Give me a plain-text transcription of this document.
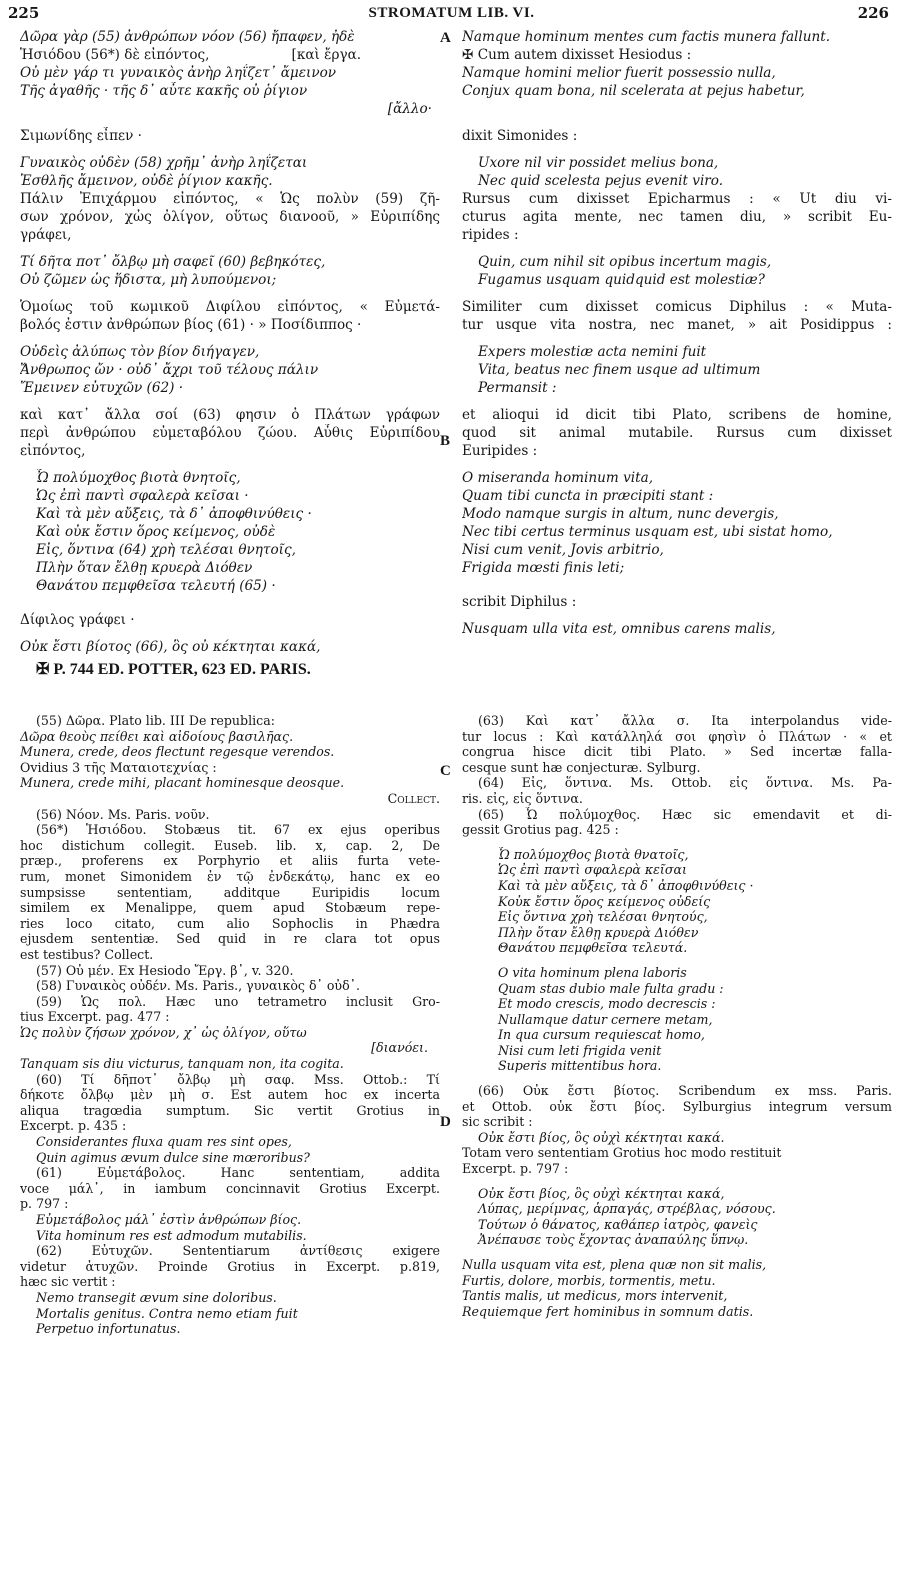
225	STROMATUM LIB. VI.	226
A
B
C
D
Δῶρα γὰρ (55) ἀνθρώπων νόον (56) ἤπαφεν, ἠδὲ
Ἡσιόδου (56*) δὲ εἰπόντος,                   [καὶ ἔργα.
Οὐ μὲν γάρ τι γυναικὸς ἀνὴρ ληΐζετ᾽ ἄμεινον
Τῆς ἀγαθῆς · τῆς δ᾽ αὖτε κακῆς οὐ ῥίγιον
[ἄλλο·
Σιμωνίδης εἶπεν ·
Γυναικὸς οὐδὲν (58) χρῆμ᾽ ἀνὴρ ληΐζεται
Ἐσθλῆς ἄμεινον, οὐδὲ ῥίγιον κακῆς.
Πάλιν Ἐπιχάρμου εἰπόντος, « Ὡς πολὺν (59) ζῆ-
σων χρόνον, χὠς ὀλίγον, οὕτως διανοοῦ, » Εὐριπίδης
γράφει,
Τί δῆτα ποτ᾽ ὄλβῳ μὴ σαφεῖ (60) βεβηκότες,
Οὐ ζῶμεν ὡς ἥδιστα, μὴ λυπούμενοι;
Ὁμοίως τοῦ κωμικοῦ Διφίλου εἰπόντος, « Εὐμετά-
βολός ἐστιν ἀνθρώπων βίος (61) · » Ποσίδιππος ·
Οὐδεὶς ἀλύπως τὸν βίον διήγαγεν,
Ἄνθρωπος ὤν · οὐδ᾽ ἄχρι τοῦ τέλους πάλιν
Ἔμεινεν εὐτυχῶν (62) ·
καὶ κατ᾽ ἄλλα σοί (63) φησιν ὁ Πλάτων γράφων
περὶ ἀνθρώπου εὐμεταβόλου ζώου. Αὖθις Εὐριπίδου
εἰπόντος,
Ὦ πολύμοχθος βιοτὰ θνητοῖς,
Ὡς ἐπὶ παντὶ σφαλερὰ κεῖσαι ·
Καὶ τὰ μὲν αὔξεις, τὰ δ᾽ ἀποφθινύθεις ·
Καὶ οὐκ ἔστιν ὅρος κείμενος, οὐδὲ
Εἰς, ὅντινα (64) χρὴ τελέσαι θνητοῖς,
Πλὴν ὅταν ἔλθῃ κρυερὰ Διόθεν
Θανάτου πεμφθεῖσα τελευτή (65) ·
Δίφιλος γράφει ·
Οὐκ ἔστι βίοτος (66), ὃς οὐ κέκτηται κακά,
✠ P. 744 ED. POTTER, 623 ED. PARIS.
Namque hominum mentes cum factis munera fallunt.
✠ Cum autem dixisset Hesiodus :
Namque homini melior fuerit possessio nulla,
Conjux quam bona, nil scelerata at pejus habetur,
dixit Simonides :
Uxore nil vir possidet melius bona,
Nec quid scelesta pejus evenit viro.
Rursus cum dixisset Epicharmus : « Ut diu vi-
cturus agita mente, nec tamen diu, » scribit Eu-
ripides :
Quin, cum nihil sit opibus incertum magis,
Fugamus usquam quidquid est molestiæ?
Similiter cum dixisset comicus Diphilus : « Muta-
tur usque vita nostra, nec manet, » ait Posidippus :
Expers molestiæ acta nemini fuit
Vita, beatus nec finem usque ad ultimum
Permansit :
et alioqui id dicit tibi Plato, scribens de homine,
quod sit animal mutabile. Rursus cum dixisset
Euripides :
O miseranda hominum vita,
Quam tibi cuncta in præcipiti stant :
Modo namque surgis in altum, nunc devergis,
Nec tibi certus terminus usquam est, ubi sistat homo,
Nisi cum venit, Jovis arbitrio,
Frigida mœsti finis leti;
scribit Diphilus :
Nusquam ulla vita est, omnibus carens malis,
(55) Δῶρα. Plato lib. III De republica:
Δῶρα θεοὺς πείθει καὶ αἰδοίους βασιλῆας.
Munera, crede, deos flectunt regesque verendos.
Ovidius 3 τῆς Ματαιοτεχνίας :
Munera, crede mihi, placant hominesque deosque.
Collect.
(56) Νόον. Ms. Paris. νοῦν.
(56*) Ἡσιόδου. Stobæus tit. 67 ex ejus operibus
hoc distichum collegit. Euseb. lib. x, cap. 2, De
præp., proferens ex Porphyrio et aliis furta vete-
rum, monet Simonidem ἐν τῷ ἐνδεκάτῳ, hanc ex eo
sumpsisse sententiam, additque Euripidis locum
similem ex Menalippe, quem apud Stobæum repe-
ries loco citato, cum alio Sophoclis in Phædra
ejusdem sententiæ. Sed quid in re clara tot opus
est testibus? Collect.
(57) Οὐ μέν. Ex Hesiodo Ἔργ. β᾽, v. 320.
(58) Γυναικὸς οὐδέν. Ms. Paris., γυναικὸς δ᾽ οὐδ᾽.
(59) Ὡς πολ. Hæc uno tetrametro inclusit Gro-
tius Excerpt. pag. 477 :
Ὡς πολὺν ζήσων χρόνον, χ᾽ ὡς ὀλίγον, οὕτω
[διανόει.
Tanquam sis diu victurus, tanquam non, ita cogita.
(60) Τί δῆποτ᾽ ὄλβῳ μὴ σαφ. Mss. Ottob.: Τί
δήκοτε ὄλβῳ μὲν μὴ σ. Est autem hoc ex incerta
aliqua tragœdia sumptum. Sic vertit Grotius in
Excerpt. p. 435 :
Considerantes fluxa quam res sint opes,
Quin agimus ævum dulce sine mœroribus?
(61) Εὐμετάβολος. Hanc sententiam, addita
voce μάλ᾽, in iambum concinnavit Grotius Excerpt.
p. 797 :
Εὐμετάβολος μάλ᾽ ἐστὶν ἀνθρώπων βίος.
Vita hominum res est admodum mutabilis.
(62) Εὐτυχῶν. Sententiarum ἀντίθεσις exigere
videtur ἀτυχῶν. Proinde Grotius in Excerpt. p.819,
hæc sic vertit :
Nemo transegit ævum sine doloribus.
Mortalis genitus. Contra nemo etiam fuit
Perpetuo infortunatus.
(63) Καὶ κατ᾽ ἄλλα σ. Ita interpolandus vide-
tur locus : Καὶ κατάλληλά σοι φησὶν ὁ Πλάτων · « et
congrua hisce dicit tibi Plato. » Sed incertæ falla-
cesque sunt hæ conjecturæ. Sylburg.
(64) Εἰς, ὅντινα. Ms. Ottob. εἰς ὅντινα. Ms. Pa-
ris. εἰς, εἰς ὅντινα.
(65) Ὦ πολύμοχθος. Hæc sic emendavit et di-
gessit Grotius pag. 425 :
Ὦ πολύμοχθος βιοτὰ θνατοῖς,
Ὡς ἐπὶ παντὶ σφαλερὰ κεῖσαι
Καὶ τὰ μὲν αὔξεις, τὰ δ᾽ ἀποφθινύθεις ·
Κοὐκ ἔστιν ὅρος κείμενος οὐδείς
Εἰς ὅντινα χρὴ τελέσαι θνητούς,
Πλὴν ὅταν ἔλθῃ κρυερὰ Διόθεν
Θανάτου πεμφθεῖσα τελευτά.
O vita hominum plena laboris
Quam stas dubio male fulta gradu :
Et modo crescis, modo decrescis :
Nullamque datur cernere metam,
In qua cursum requiescat homo,
Nisi cum leti frigida venit
Superis mittentibus hora.
(66) Οὐκ ἔστι βίοτος. Scribendum ex mss. Paris.
et Ottob. οὐκ ἔστι βίος. Sylburgius integrum versum
sic scribit :
Οὐκ ἔστι βίος, ὃς οὐχὶ κέκτηται κακά.
Totam vero sententiam Grotius hoc modo restituit
Excerpt. p. 797 :
Οὐκ ἔστι βίος, ὃς οὐχὶ κέκτηται κακά,
Λύπας, μερίμνας, ἁρπαγάς, στρέβλας, νόσους.
Τούτων ὁ θάνατος, καθάπερ ἰατρὸς, φανεὶς
Ἀνέπαυσε τοὺς ἔχοντας ἀναπαύλης ὕπνῳ.
Nulla usquam vita est, plena quæ non sit malis,
Furtis, dolore, morbis, tormentis, metu.
Tantis malis, ut medicus, mors intervenit,
Requiemque fert hominibus in somnum datis.
